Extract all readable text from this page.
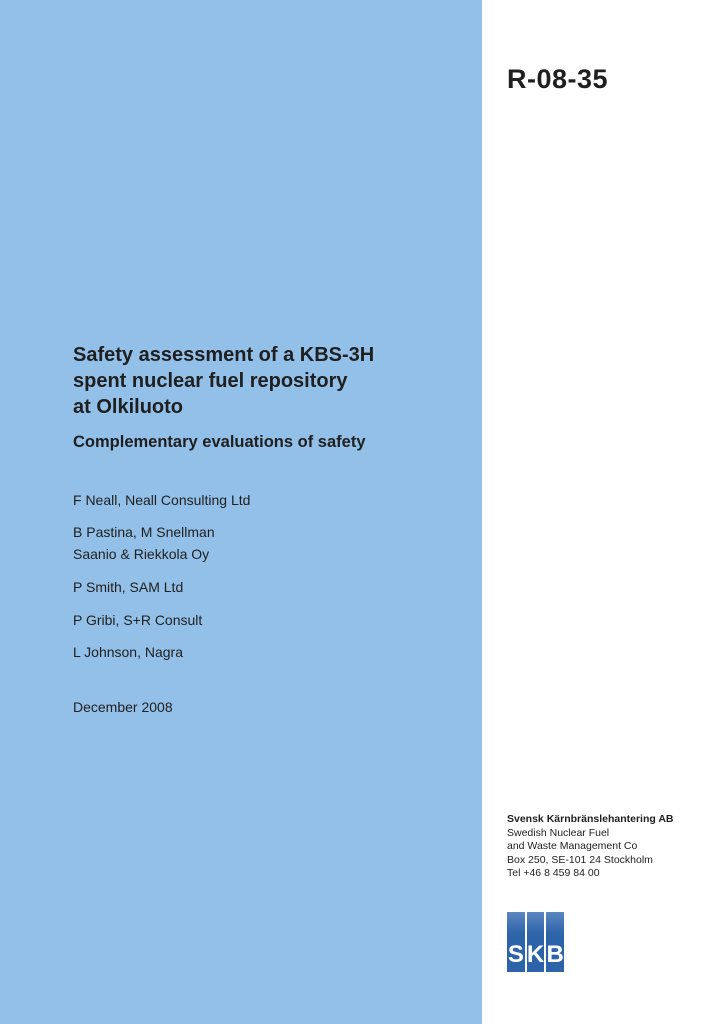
R-08-35
Safety assessment of a KBS-3H
spent nuclear fuel repository
at Olkiluoto
Complementary evaluations of safety
F Neall, Neall Consulting Ltd
B Pastina, M Snellman
Saanio & Riekkola Oy
P Smith, SAM Ltd
P Gribi, S+R Consult
L Johnson, Nagra
December 2008
Svensk Kärnbränslehantering AB
Swedish Nuclear Fuel
and Waste Management Co
Box 250, SE-101 24 Stockholm
Tel +46 8 459 84 00
S K B
